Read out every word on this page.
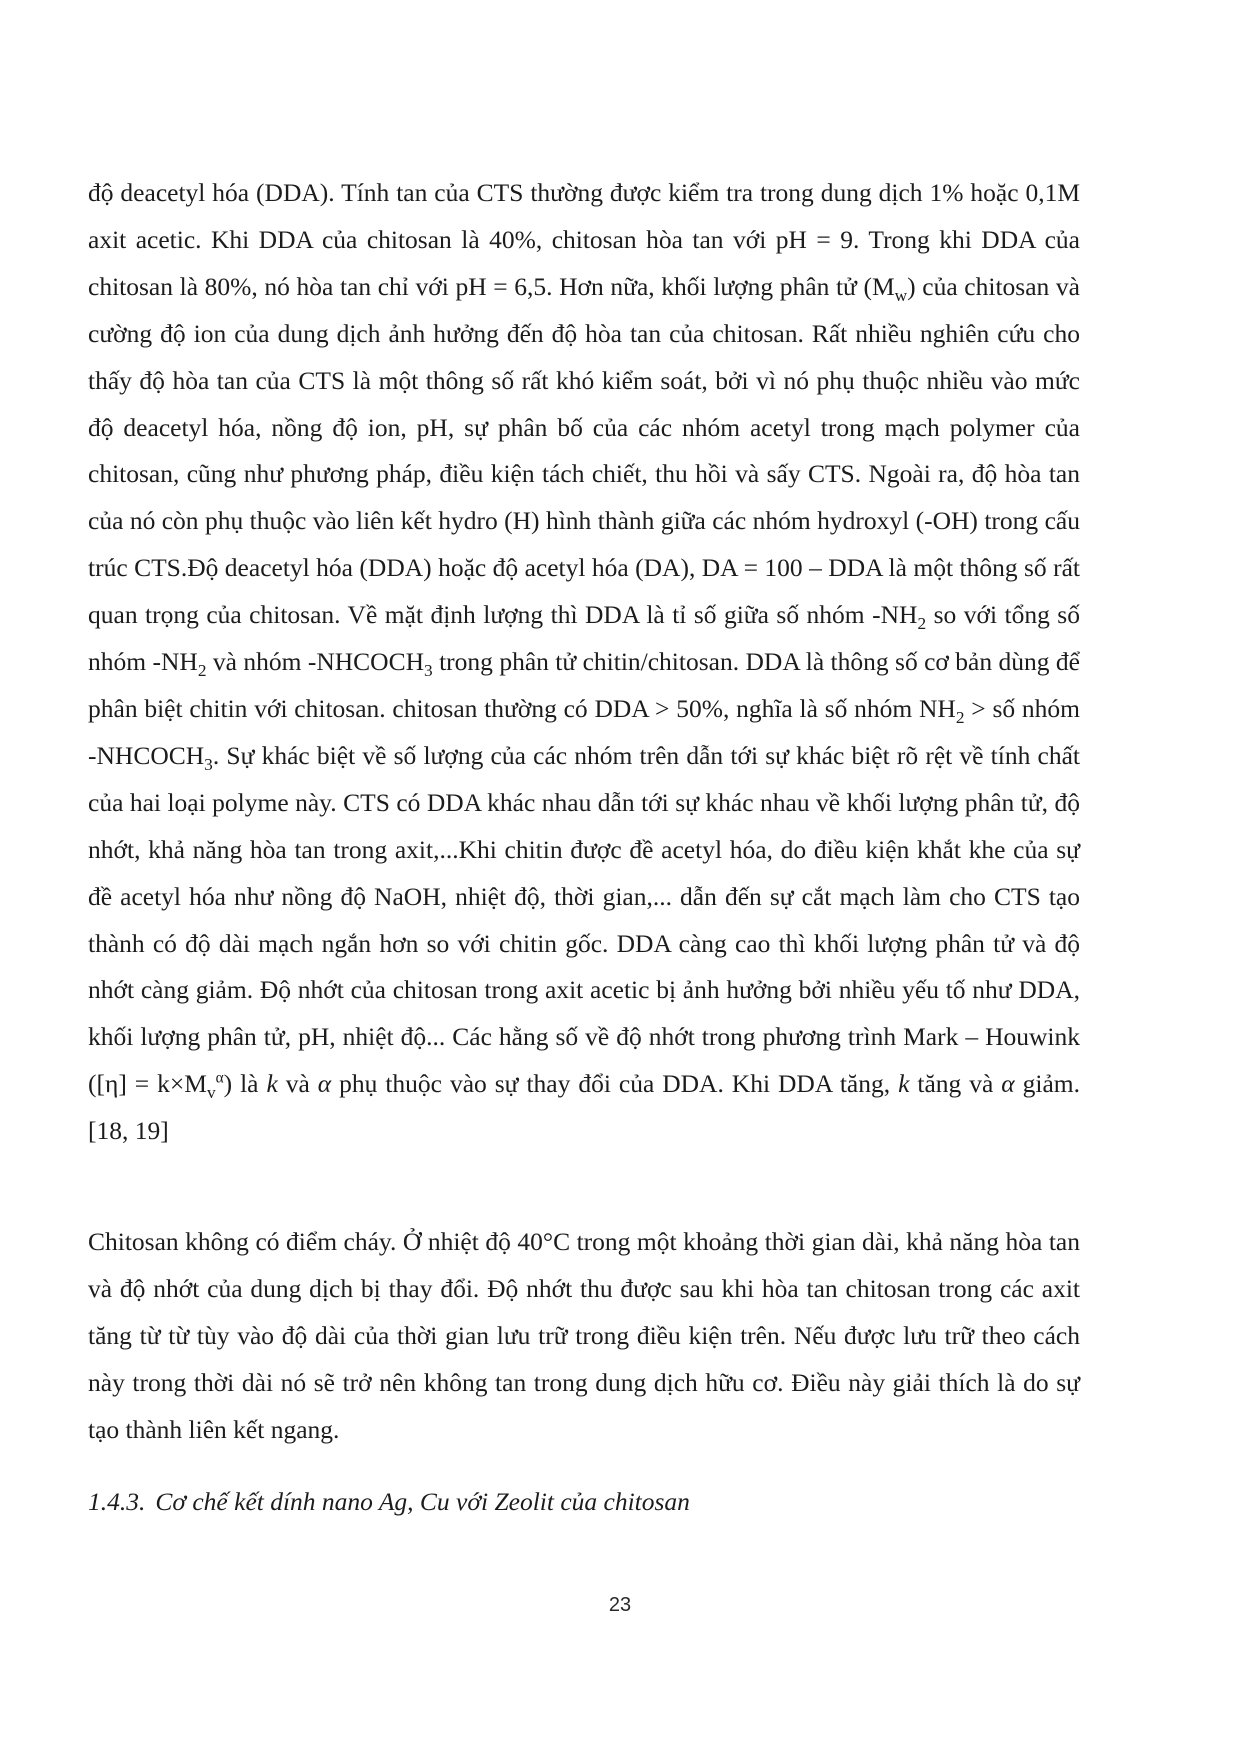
độ deacetyl hóa (DDA). Tính tan của CTS thường được kiểm tra trong dung dịch 1% hoặc 0,1M axit acetic. Khi DDA của chitosan là 40%, chitosan hòa tan với pH = 9. Trong khi DDA của chitosan là 80%, nó hòa tan chỉ với pH = 6,5. Hơn nữa, khối lượng phân tử $(M_w)$ của chitosan và cường độ ion của dung dịch ảnh hưởng đến độ hòa tan của chitosan. Rất nhiều nghiên cứu cho thấy độ hòa tan của CTS là một thông số rất khó kiểm soát, bởi vì nó phụ thuộc nhiều vào mức độ deacetyl hóa, nồng độ ion, pH, sự phân bố của các nhóm acetyl trong mạch polymer của chitosan, cũng như phương pháp, điều kiện tách chiết, thu hồi và sấy CTS. Ngoài ra, độ hòa tan của nó còn phụ thuộc vào liên kết hydro (H) hình thành giữa các nhóm hydroxyl (-OH) trong cấu trúc CTS.Độ deacetyl hóa (DDA) hoặc độ acetyl hóa (DA), DA = 100 – DDA là một thông số rất quan trọng của chitosan. Về mặt định lượng thì DDA là tỉ số giữa số nhóm $-NH_2$ so với tổng số nhóm $-NH_2$ và nhóm $-NHCOCH_3$ trong phân tử chitin/chitosan. DDA là thông số cơ bản dùng để phân biệt chitin với chitosan. chitosan thường có DDA > 50%, nghĩa là số nhóm $NH_2$ > số nhóm $-NHCOCH_3$. Sự khác biệt về số lượng của các nhóm trên dẫn tới sự khác biệt rõ rệt về tính chất của hai loại polyme này. CTS có DDA khác nhau dẫn tới sự khác nhau về khối lượng phân tử, độ nhớt, khả năng hòa tan trong axit,...Khi chitin được đề acetyl hóa, do điều kiện khắt khe của sự đề acetyl hóa như nồng độ NaOH, nhiệt độ, thời gian,... dẫn đến sự cắt mạch làm cho CTS tạo thành có độ dài mạch ngắn hơn so với chitin gốc. DDA càng cao thì khối lượng phân tử và độ nhớt càng giảm. Độ nhớt của chitosan trong axit acetic bị ảnh hưởng bởi nhiều yếu tố như DDA, khối lượng phân tử, pH, nhiệt độ... Các hằng số về độ nhớt trong phương trình Mark – Houwink $([\eta] = k\times M_v^\alpha)$ là k và α phụ thuộc vào sự thay đổi của DDA. Khi DDA tăng, k tăng và α giảm.[18, 19]

Chitosan không có điểm cháy. Ở nhiệt độ 40°C trong một khoảng thời gian dài, khả năng hòa tan và độ nhớt của dung dịch bị thay đổi. Độ nhớt thu được sau khi hòa tan chitosan trong các axit tăng từ từ tùy vào độ dài của thời gian lưu trữ trong điều kiện trên. Nếu được lưu trữ theo cách này trong thời dài nó sẽ trở nên không tan trong dung dịch hữu cơ. Điều này giải thích là do sự tạo thành liên kết ngang.

1.4.3. Cơ chế kết dính nano Ag, Cu với Zeolit của chitosan
23
